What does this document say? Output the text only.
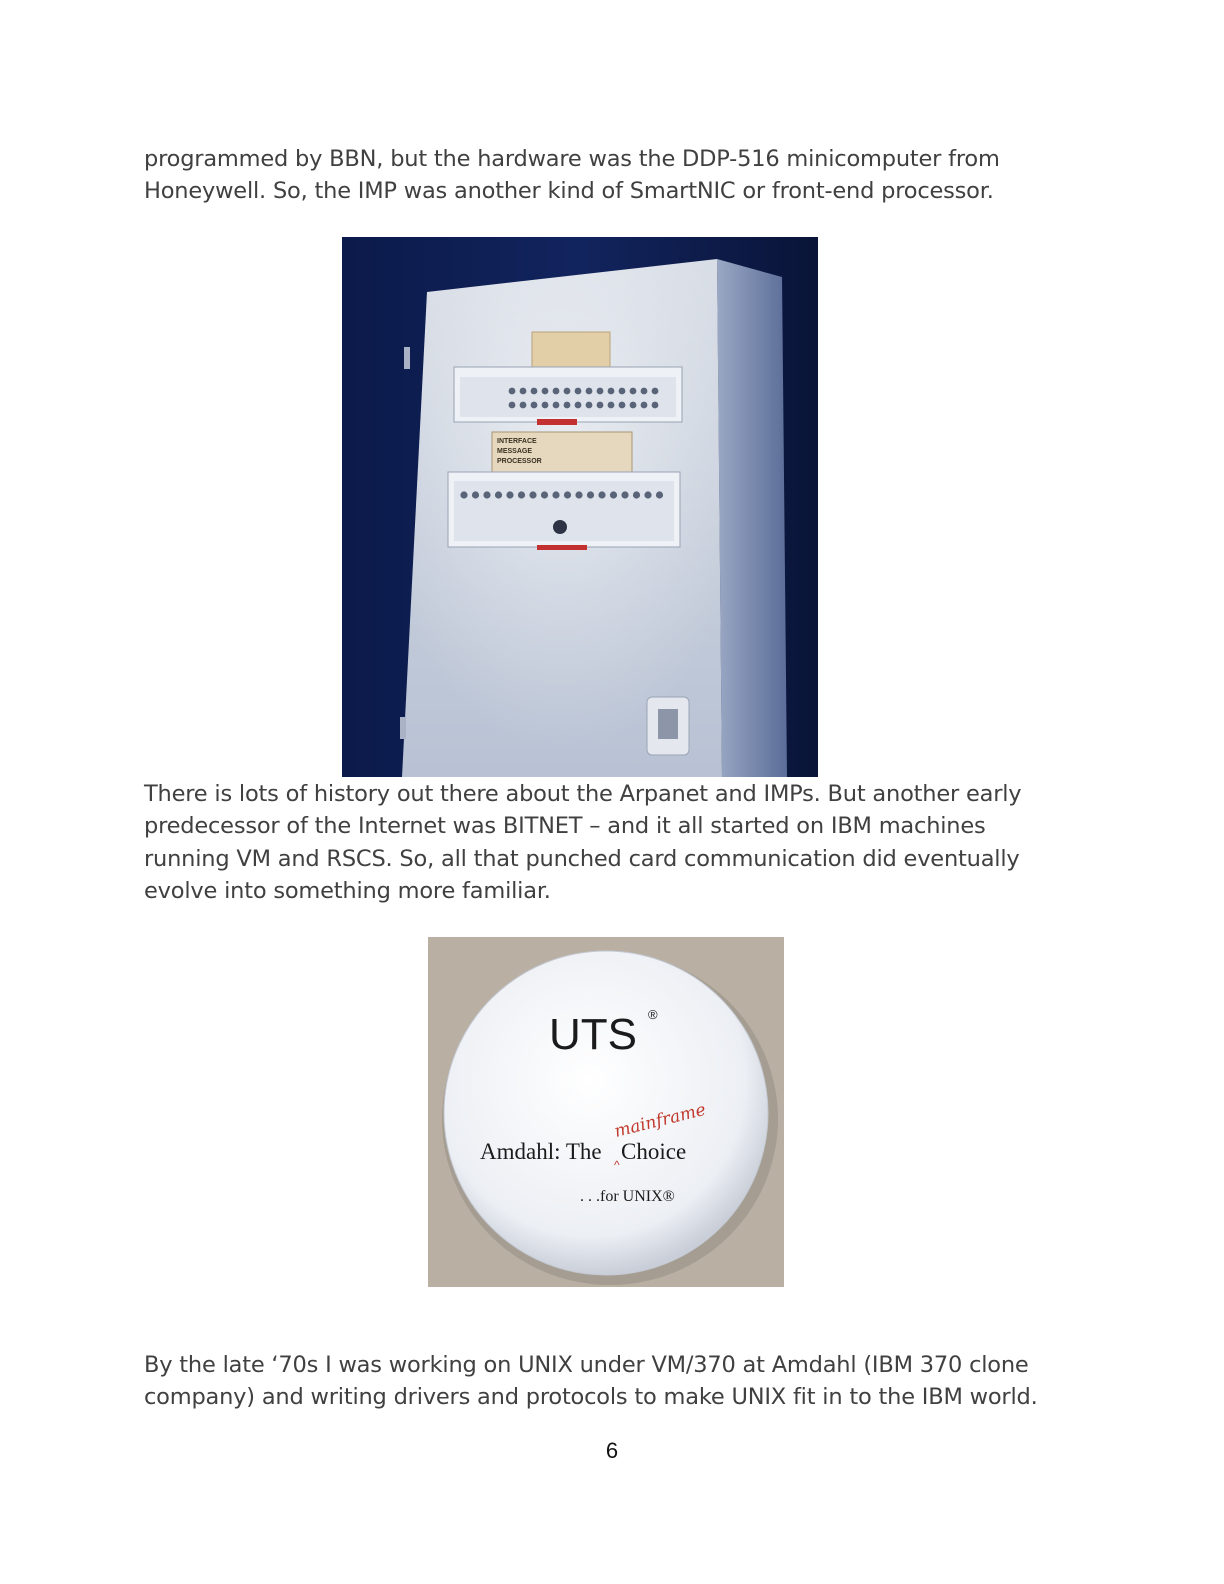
programmed by BBN, but the hardware was the DDP-516 minicomputer from
Honeywell. So, the IMP was another kind of SmartNIC or front-end processor.

INTERFACE MESSAGE PROCESSOR

There is lots of history out there about the Arpanet and IMPs. But another early
predecessor of the Internet was BITNET – and it all started on IBM machines
running VM and RSCS. So, all that punched card communication did eventually
evolve into something more familiar.

UTS ®
Amdahl: The Choice
mainframe
^
. . .for UNIX®

By the late ‘70s I was working on UNIX under VM/370 at Amdahl (IBM 370 clone
company) and writing drivers and protocols to make UNIX fit in to the IBM world.

6
